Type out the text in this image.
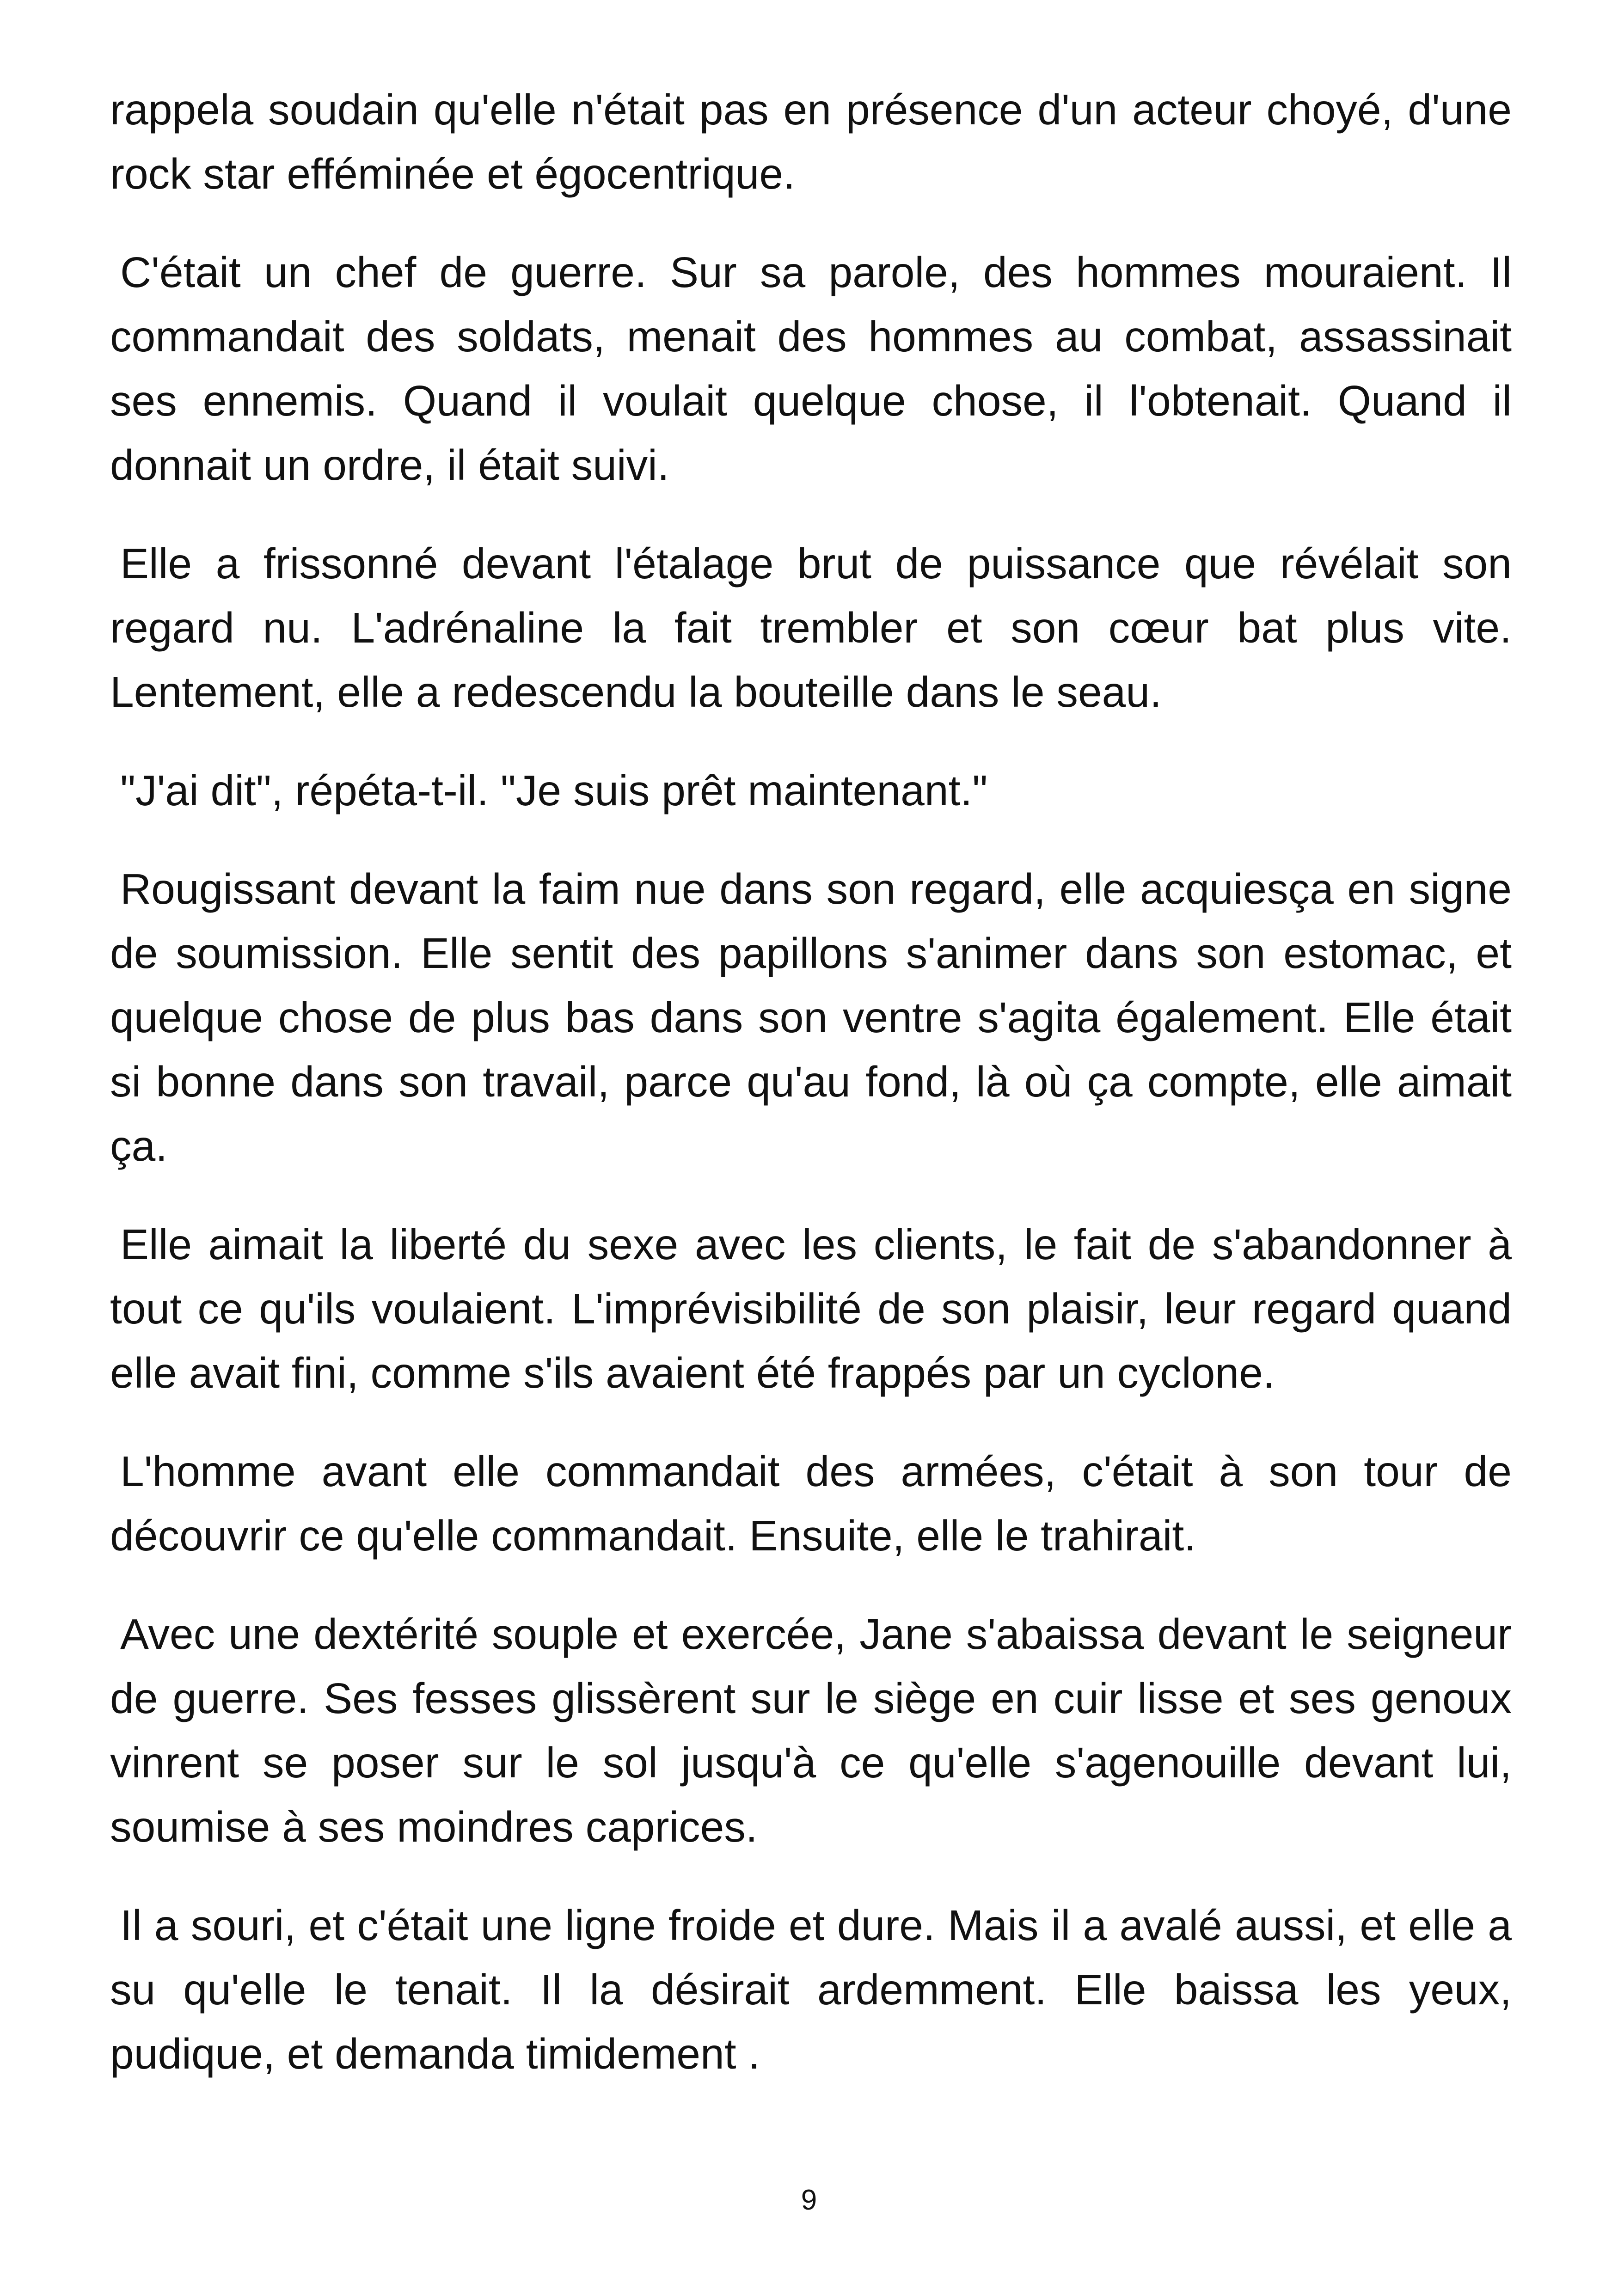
rappela soudain qu'elle n'était pas en présence d'un acteur choyé, d'une rock star efféminée et égocentrique.

C'était un chef de guerre. Sur sa parole, des hommes mouraient. Il commandait des soldats, menait des hommes au combat, assassinait ses ennemis. Quand il voulait quelque chose, il l'obtenait. Quand il donnait un ordre, il était suivi.

Elle a frissonné devant l'étalage brut de puissance que révélait son regard nu. L'adrénaline la fait trembler et son cœur bat plus vite. Lentement, elle a redescendu la bouteille dans le seau.

"J'ai dit", répéta-t-il. "Je suis prêt maintenant."

Rougissant devant la faim nue dans son regard, elle acquiesça en signe de soumission. Elle sentit des papillons s'animer dans son estomac, et quelque chose de plus bas dans son ventre s'agita également. Elle était si bonne dans son travail, parce qu'au fond, là où ça compte, elle aimait ça.

Elle aimait la liberté du sexe avec les clients, le fait de s'abandonner à tout ce qu'ils voulaient. L'imprévisibilité de son plaisir, leur regard quand elle avait fini, comme s'ils avaient été frappés par un cyclone.

L'homme avant elle commandait des armées, c'était à son tour de découvrir ce qu'elle commandait. Ensuite, elle le trahirait.

Avec une dextérité souple et exercée, Jane s'abaissa devant le seigneur de guerre. Ses fesses glissèrent sur le siège en cuir lisse et ses genoux vinrent se poser sur le sol jusqu'à ce qu'elle s'agenouille devant lui, soumise à ses moindres caprices.

Il a souri, et c'était une ligne froide et dure. Mais il a avalé aussi, et elle a su qu'elle le tenait. Il la désirait ardemment. Elle baissa les yeux, pudique, et demanda timidement .

9
